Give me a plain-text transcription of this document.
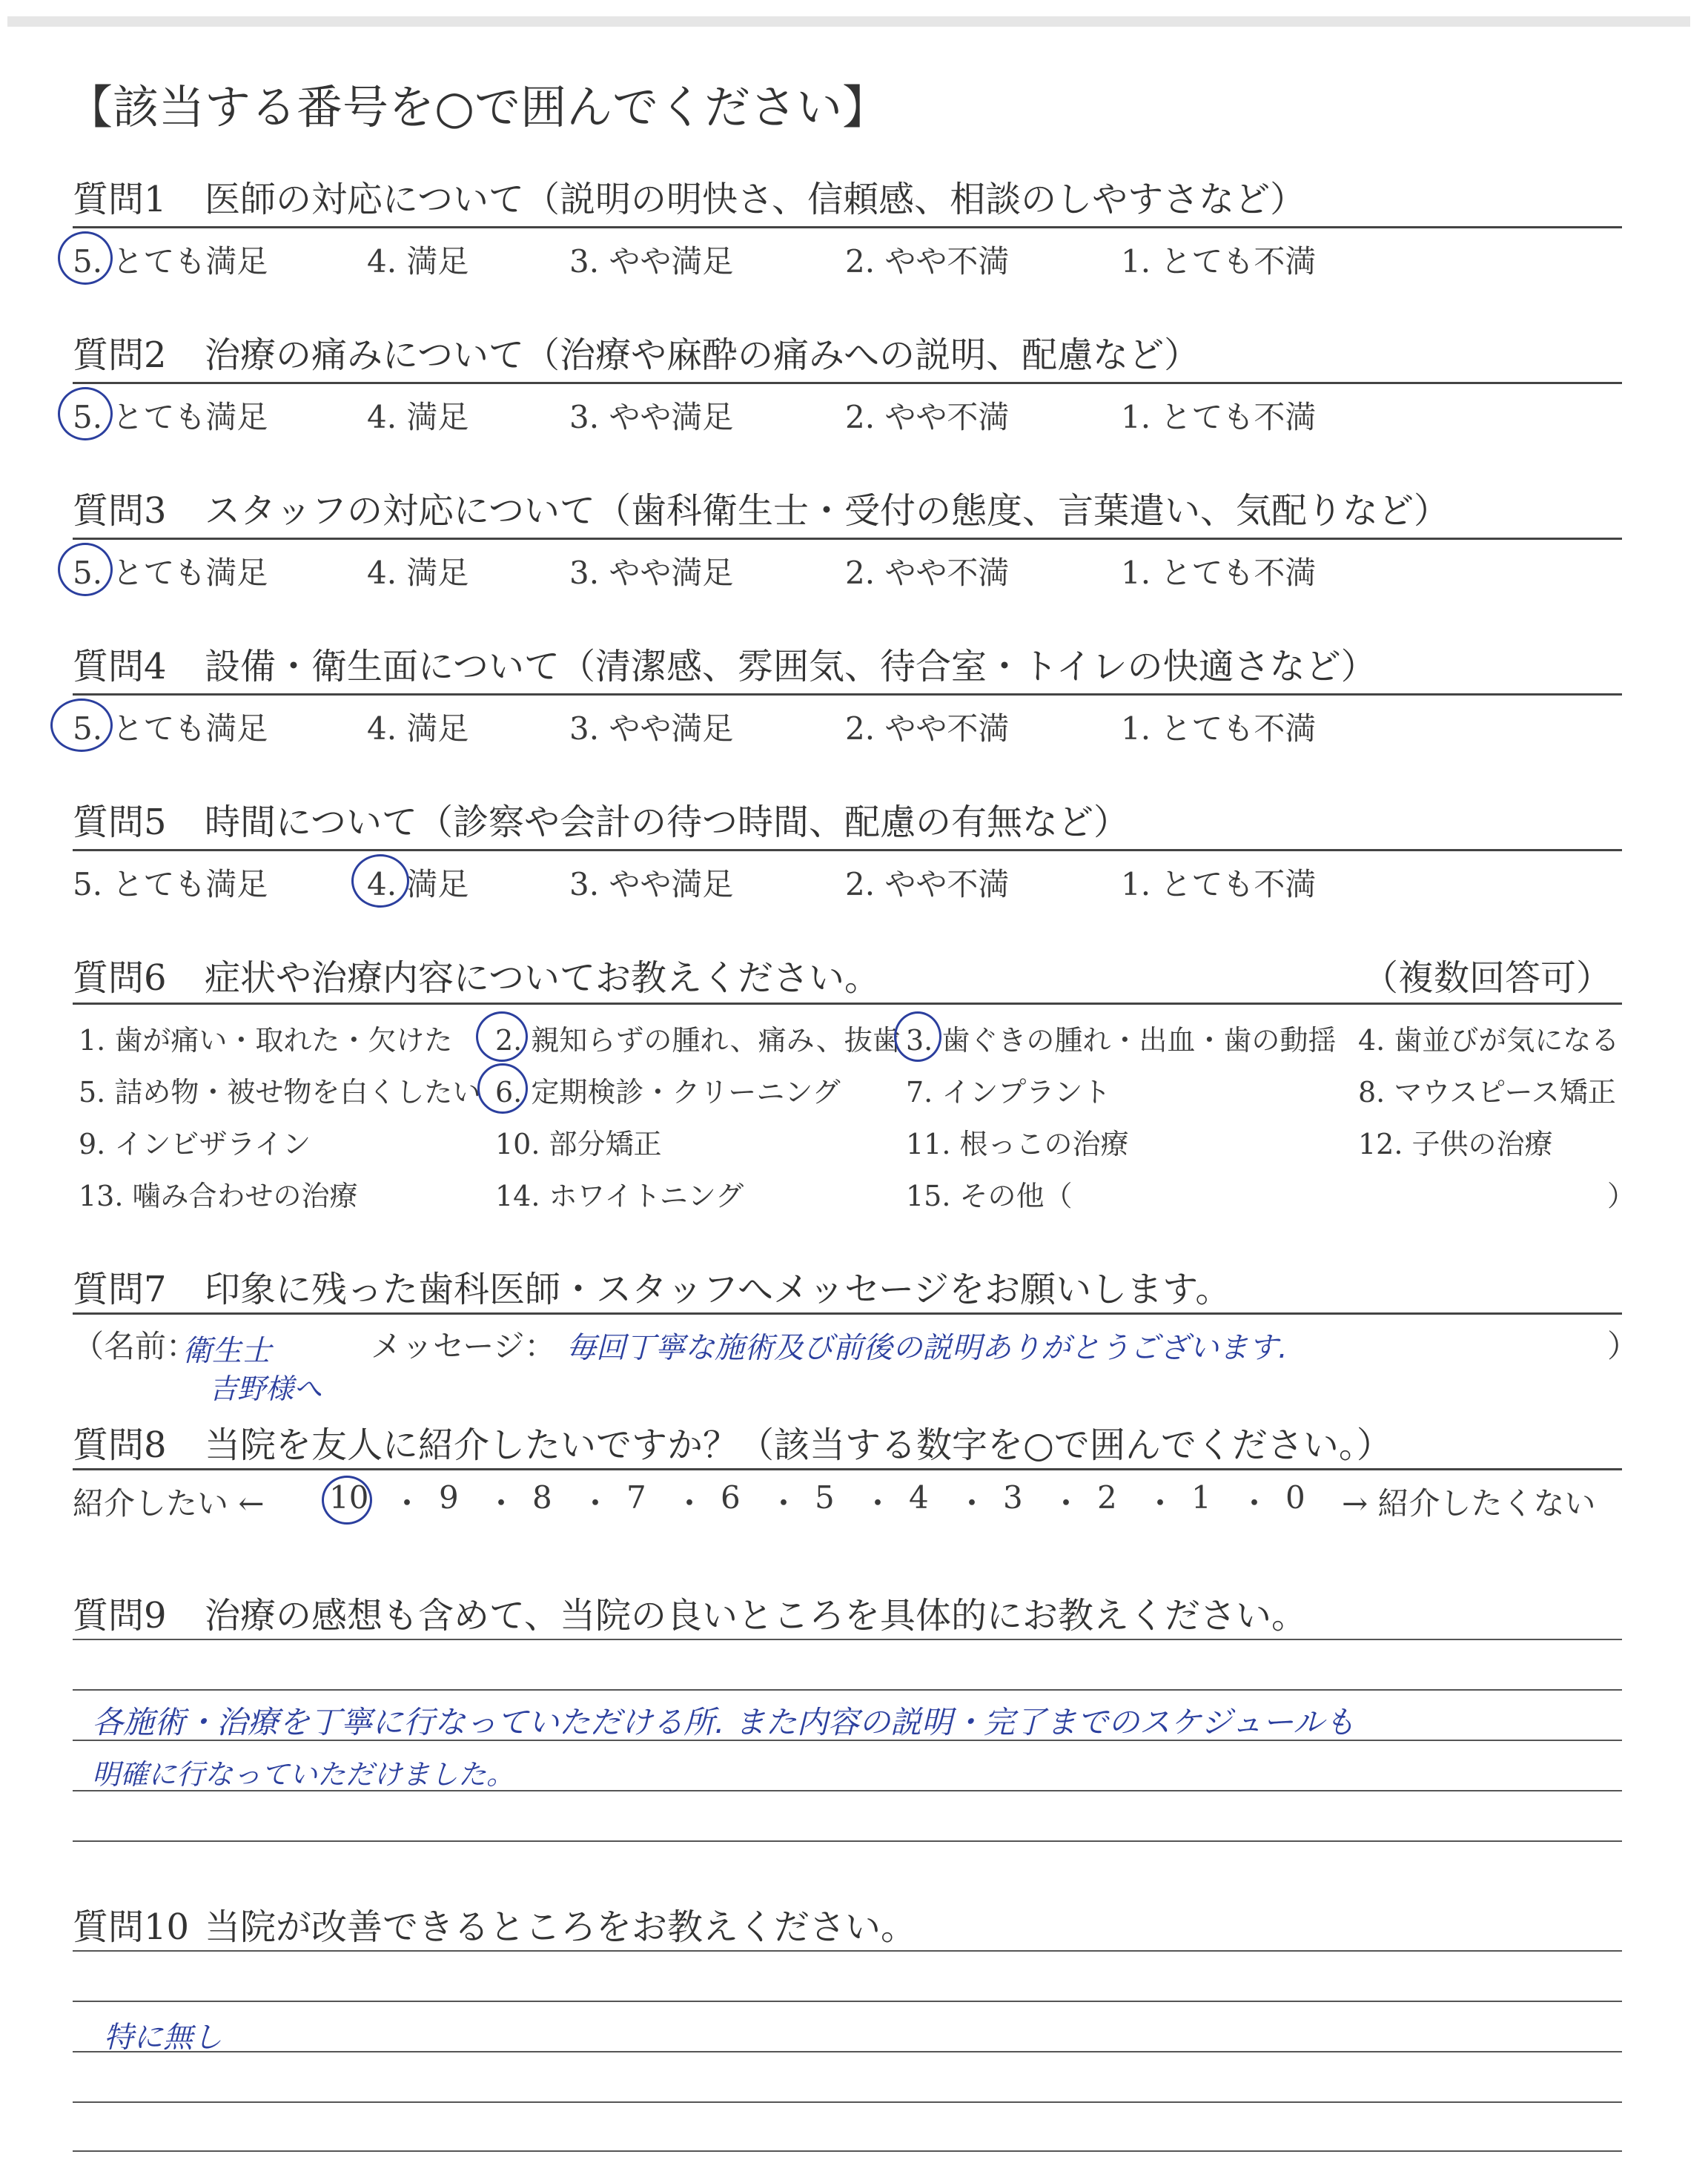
【該当する番号を○で囲んでください】
質問1 医師の対応について（説明の明快さ、信頼感、相談のしやすさなど）
5. とても満足	4. 満足	3. やや満足	2. やや不満	1. とても不満
質問2 治療の痛みについて（治療や麻酔の痛みへの説明、配慮など）
5. とても満足	4. 満足	3. やや満足	2. やや不満	1. とても不満
質問3 スタッフの対応について（歯科衛生士・受付の態度、言葉遣い、気配りなど）
5. とても満足	4. 満足	3. やや満足	2. やや不満	1. とても不満
質問4 設備・衛生面について（清潔感、雰囲気、待合室・トイレの快適さなど）
5. とても満足	4. 満足	3. やや満足	2. やや不満	1. とても不満
質問5 時間について（診察や会計の待つ時間、配慮の有無など）
5. とても満足	4. 満足	3. やや満足	2. やや不満	1. とても不満
質問6 症状や治療内容についてお教えください。	（複数回答可）
1. 歯が痛い・取れた・欠けた 2. 親知らずの腫れ、痛み、抜歯 3. 歯ぐきの腫れ・出血・歯の動揺 4. 歯並びが気になる
5. 詰め物・被せ物を白くしたい 6. 定期検診・クリーニング 7. インプラント	8. マウスピース矯正
9. インビザライン	10. 部分矯正	11. 根っこの治療	12. 子供の治療
13. 噛み合わせの治療	14. ホワイトニング	15. その他（	）
質問7 印象に残った歯科医師・スタッフへメッセージをお願いします。
（名前：	メッセージ：	）
衛生士
吉野様へ
毎回丁寧な施術及び前後の説明ありがとうございます.
質問8 当院を友人に紹介したいですか？（該当する数字を○で囲んでください。）
紹介したい ←	→ 紹介したくない
10 ・ 9 ・ 8 ・ 7 ・ 6 ・ 5 ・ 4 ・ 3 ・ 2 ・ 1 ・ 0
質問9 治療の感想も含めて、当院の良いところを具体的にお教えください。
各施術・治療を丁寧に行なっていただける所. また内容の説明・完了までのスケジュールも
明確に行なっていただけました。
質問10 当院が改善できるところをお教えください。
特に無し
